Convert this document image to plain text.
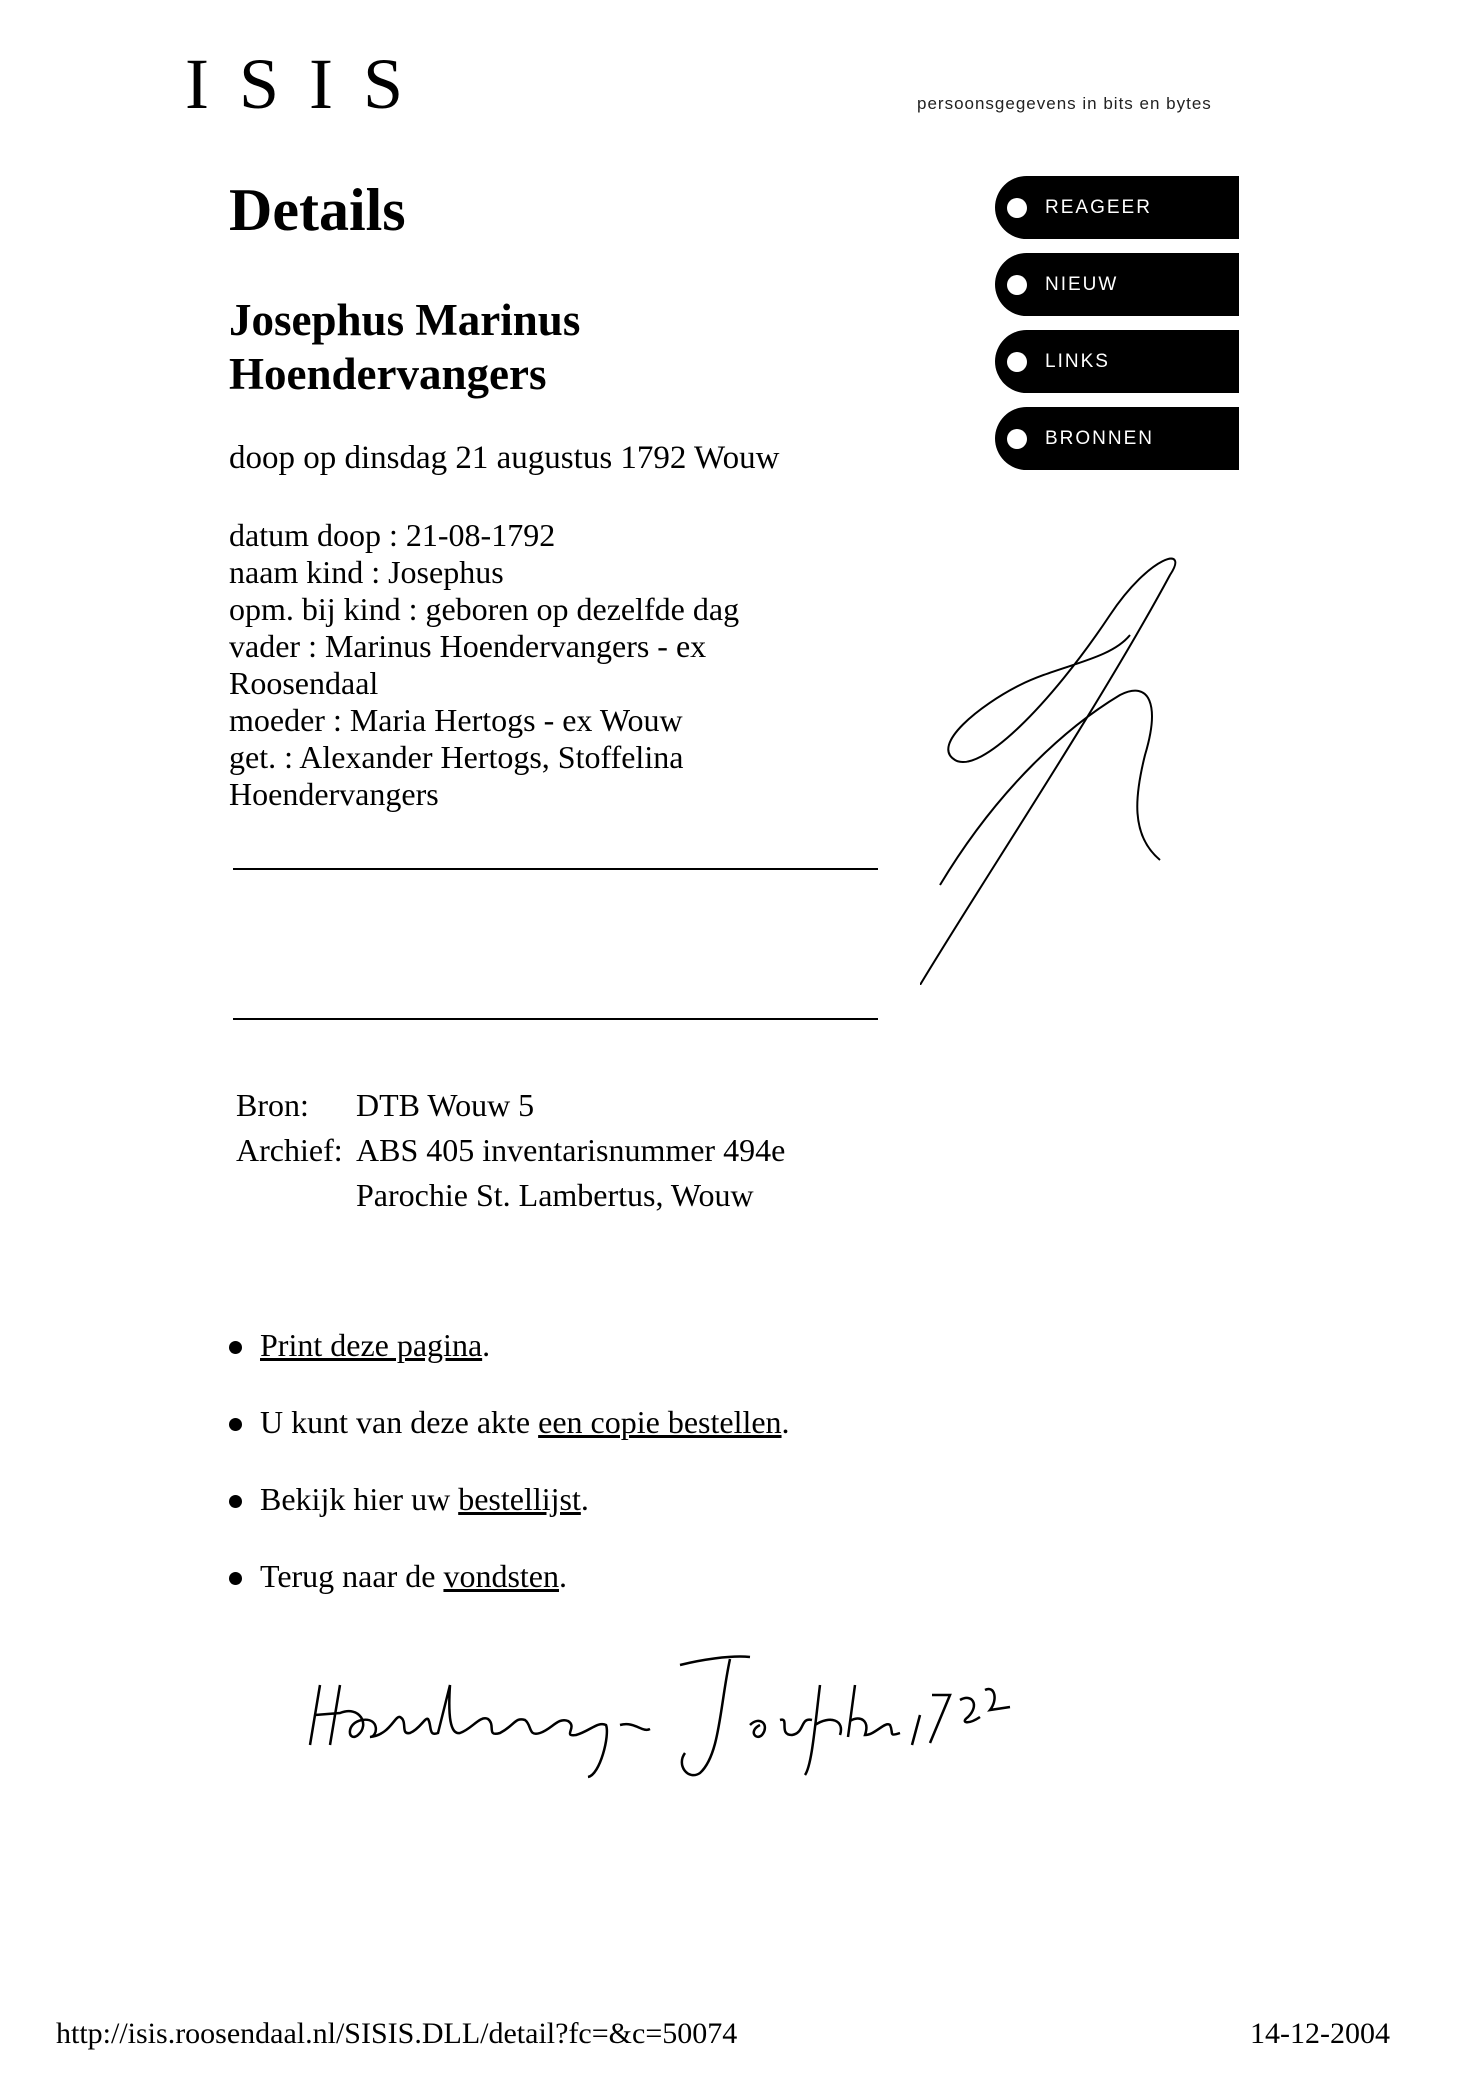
ISIS	persoonsgegevens in bits en bytes
REAGEER
NIEUW
LINKS
BRONNEN
Details
Josephus Marinus
Hoendervangers
doop op dinsdag 21 augustus 1792 Wouw
datum doop : 21-08-1792
naam kind : Josephus
opm. bij kind : geboren op dezelfde dag
vader : Marinus Hoendervangers - ex
Roosendaal
moeder : Maria Hertogs - ex Wouw
get. : Alexander Hertogs, Stoffelina
Hoendervangers
Bron:	DTB Wouw 5
Archief: ABS 405 inventarisnummer 494e
Parochie St. Lambertus, Wouw
Print deze pagina.
U kunt van deze akte een copie bestellen.
Bekijk hier uw bestellijst.
Terug naar de vondsten.
http://isis.roosendaal.nl/SISIS.DLL/detail?fc=&c=50074	14-12-2004
